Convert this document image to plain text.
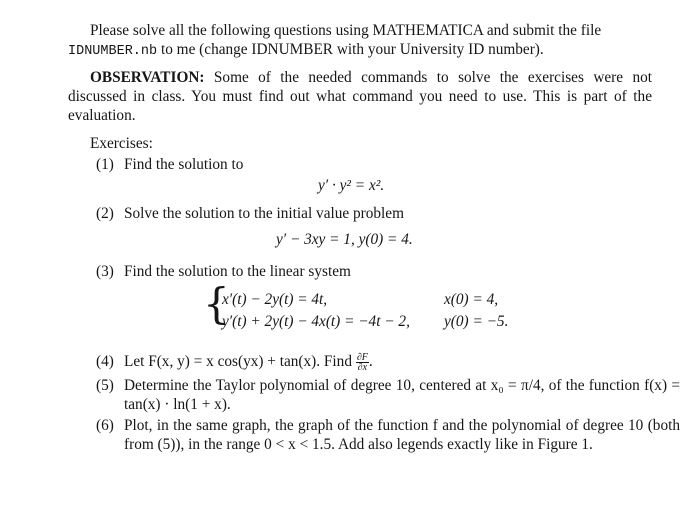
Please solve all the following questions using MATHEMATICA and submit the file
IDNUMBER.nb to me (change IDNUMBER with your University ID number).

OBSERVATION: Some of the needed commands to solve the exercises were not discussed in class. You must find out what command you need to use. This is part of the evaluation.

Exercises:

(1) Find the solution to

y′ · y² = x².

(2) Solve the solution to the initial value problem

y′ − 3xy = 1, y(0) = 4.

(3) Find the solution to the linear system

{
x′(t) − 2y(t) = 4t,	x(0) = 4,
y′(t) + 2y(t) − 4x(t) = −4t − 2, y(0) = −5.

(4) Let F(x, y) = x cos(yx) + tan(x). Find $\frac{\partial F}{\partial x}$ .

(5) Determine the Taylor polynomial of degree 10, centered at x₀ = π/4, of the function f(x) = tan(x) · ln(1 + x).

(6) Plot, in the same graph, the graph of the function f and the polynomial of degree 10 (both from (5)), in the range 0 < x < 1.5. Add also legends exactly like in Figure 1.
